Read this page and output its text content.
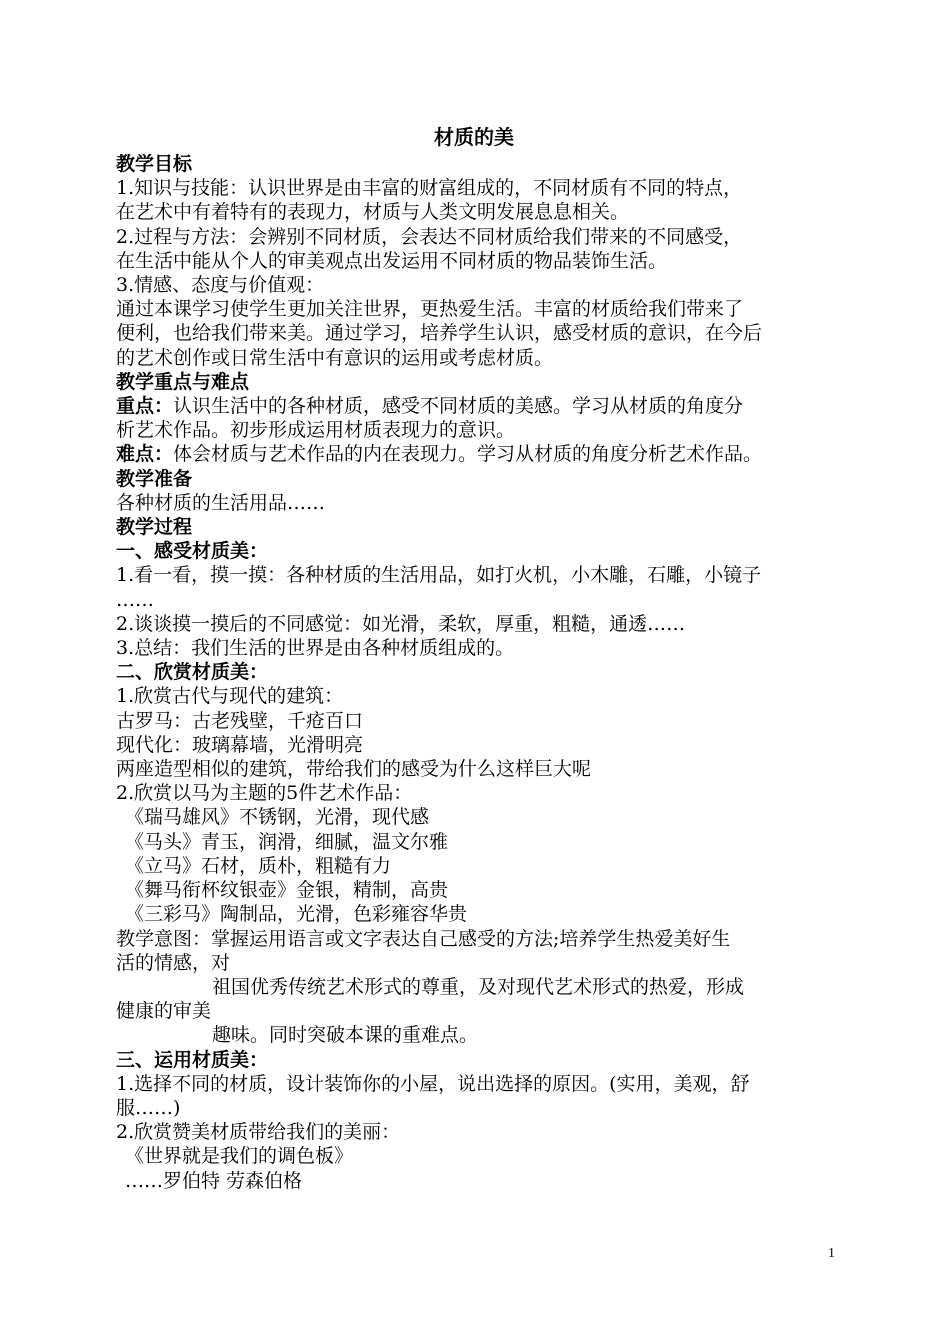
材质的美
教学目标
1.知识与技能：认识世界是由丰富的财富组成的，不同材质有不同的特点，
在艺术中有着特有的表现力，材质与人类文明发展息息相关。
2.过程与方法：会辨别不同材质，会表达不同材质给我们带来的不同感受，
在生活中能从个人的审美观点出发运用不同材质的物品装饰生活。
3.情感、态度与价值观：
通过本课学习使学生更加关注世界，更热爱生活。丰富的材质给我们带来了
便利，也给我们带来美。通过学习，培养学生认识，感受材质的意识，在今后
的艺术创作或日常生活中有意识的运用或考虑材质。
教学重点与难点
重点：认识生活中的各种材质，感受不同材质的美感。学习从材质的角度分
析艺术作品。初步形成运用材质表现力的意识。
难点：体会材质与艺术作品的内在表现力。学习从材质的角度分析艺术作品。
教学准备
各种材质的生活用品……
教学过程
一、感受材质美：
1.看一看，摸一摸：各种材质的生活用品，如打火机，小木雕，石雕，小镜子
……
2.谈谈摸一摸后的不同感觉：如光滑，柔软，厚重，粗糙，通透……
3.总结：我们生活的世界是由各种材质组成的。
二、欣赏材质美：
1.欣赏古代与现代的建筑：
古罗马：古老残壁，千疮百口
现代化：玻璃幕墙，光滑明亮
两座造型相似的建筑，带给我们的感受为什么这样巨大呢
2.欣赏以马为主题的5件艺术作品：
《瑞马雄风》不锈钢，光滑，现代感
《马头》青玉，润滑，细腻，温文尔雅
《立马》石材，质朴，粗糙有力
《舞马衔杯纹银壶》金银，精制，高贵
《三彩马》陶制品，光滑，色彩雍容华贵
教学意图：掌握运用语言或文字表达自己感受的方法;培养学生热爱美好生
活的情感，对
祖国优秀传统艺术形式的尊重，及对现代艺术形式的热爱，形成
健康的审美
趣味。同时突破本课的重难点。
三、运用材质美：
1.选择不同的材质，设计装饰你的小屋，说出选择的原因。(实用，美观，舒
服……)
2.欣赏赞美材质带给我们的美丽：
《世界就是我们的调色板》
……罗伯特 劳森伯格
1
